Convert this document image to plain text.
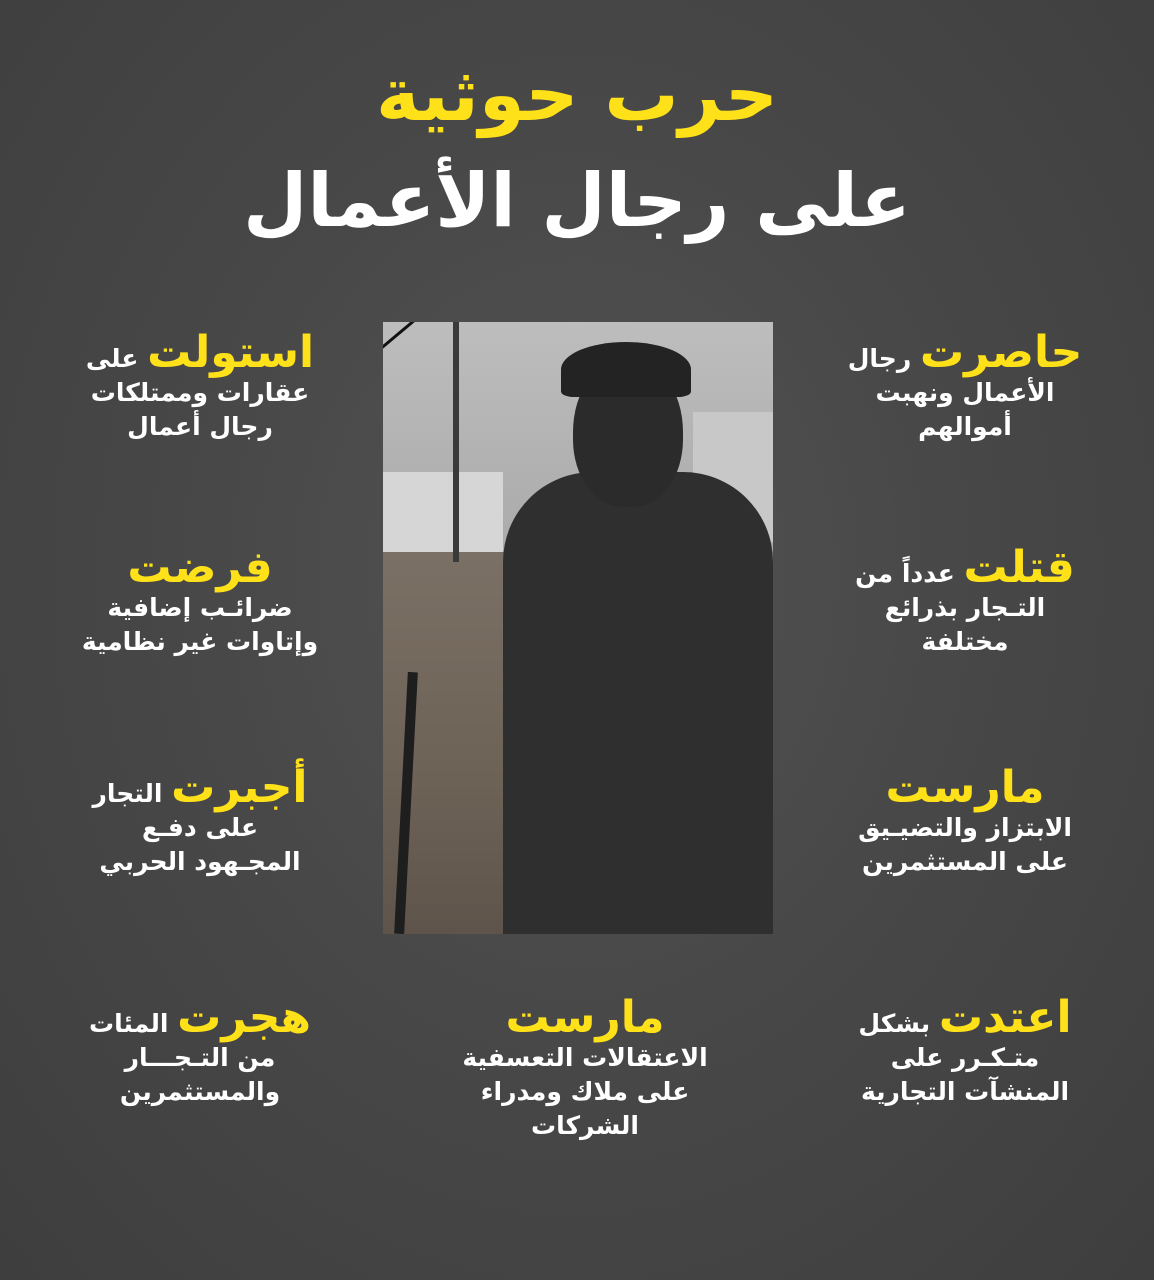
حرب حوثية
على رجال الأعمال
حاصرت رجال
الأعمال ونهبت
أموالهم
قتلت عدداً من
التـجار بذرائع
مختلفة
مارست
الابتزاز والتضيـيق
على المستثمرين
اعتدت بشكل
متـكـرر على
المنشآت التجارية
استولت على
عقارات وممتلكات
رجال أعمال
فرضت
ضرائـب إضافية
وإتاوات غير نظامية
أجبرت التجار
على دفـع
المجـهود الحربي
هجرت المئات
من التـجـــار
والمستثمرين
مارست
الاعتقالات التعسفية
على ملاك ومدراء
الشركات
